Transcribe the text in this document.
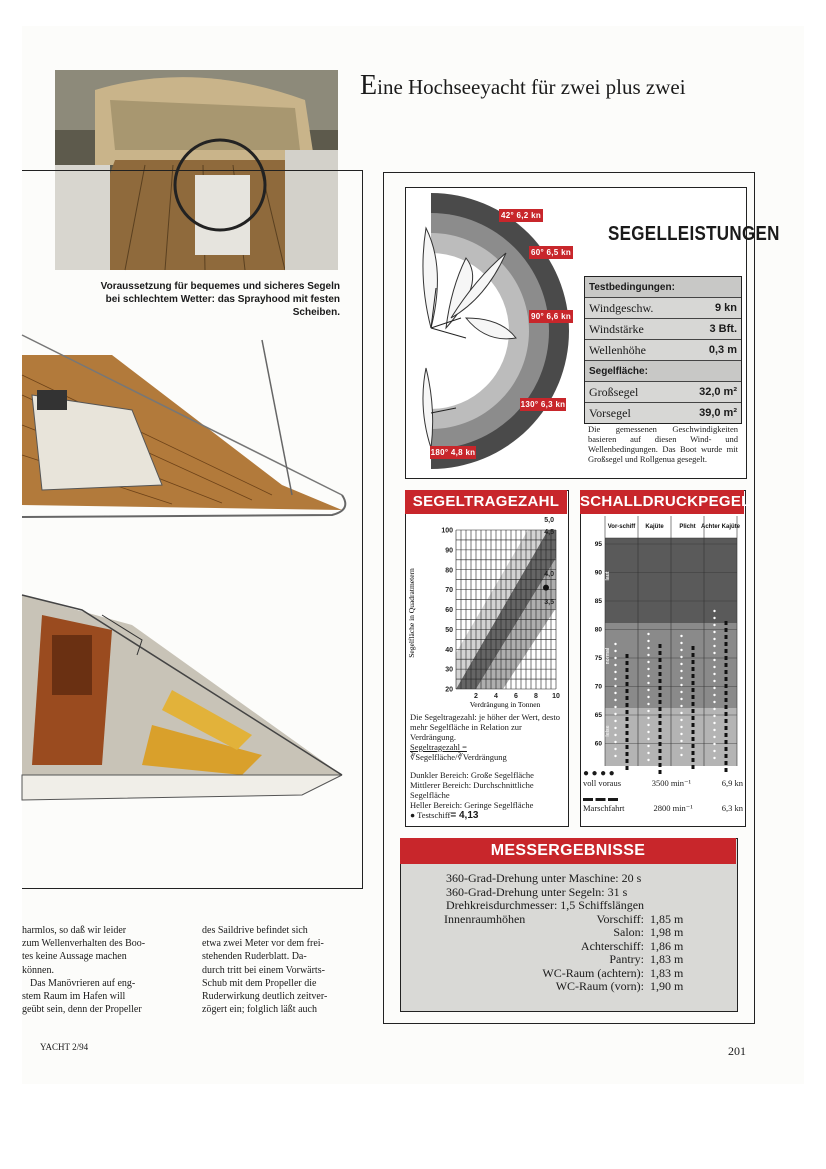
Eine Hochseeyacht für zwei plus zwei
Voraussetzung für bequemes und sicheres Segeln bei schlechtem Wetter: das Sprayhood mit festen Scheiben.
42° 6,2 kn
60° 6,5 kn
90° 6,6 kn
130° 6,3 kn
180° 4,8 kn
SEGELLEISTUNGEN
Testbedingungen:
Windgeschw.	9 kn
Windstärke	3 Bft.
Wellenhöhe	0,3 m
Segelfläche:
Großsegel	32,0 m²
Vorsegel	39,0 m²
Die gemessenen Geschwindigkeiten basieren auf diesen Wind- und Wellenbedingungen. Das Boot wurde mit Großsegel und Rollgenua gesegelt.
SEGELTRAGEZAHL
100
90
80
70
60
50
40
30
20
2 4 6 8 10
5,0
4,5
4,0
3,5
Segelfläche in Quadratmetern
Verdrängung in Tonnen
Die Segeltragezahl: je höher der Wert, desto mehr Segelfläche in Relation zur Verdrängung.
Segeltragezahl =
∛Segelfläche/∛Verdrängung
Dunkler Bereich: Große Segelfläche
Mittlerer Bereich: Durchschnittliche Segelfläche
Heller Bereich: Geringe Segelfläche
● Testschiff= 4,13
SCHALLDRUCKPEGEL
95
90
85
80
75
70
65
60
Vor-schiff Kajüte	Plicht Achter Kajüte
laut
normal
leise
● ● ● ●
voll voraus	3500 min⁻¹	6,9 kn
▬ ▬ ▬
Marschfahrt	2800 min⁻¹	6,3 kn
MESSERGEBNISSE
360-Grad-Drehung unter Maschine: 20 s
360-Grad-Drehung unter Segeln: 31 s
Drehkreisdurchmesser: 1,5 Schiffslängen
Innenraumhöhen	Vorschiff: 1,85 m
Salon: 1,98 m
Achterschiff: 1,86 m
Pantry: 1,83 m
WC-Raum (achtern): 1,83 m
WC-Raum (vorn): 1,90 m
harmlos, so daß wir leider
zum Wellenverhalten des Boo-
tes keine Aussage machen
können.
Das Manövrieren auf eng-
stem Raum im Hafen will
geübt sein, denn der Propeller
des Saildrive befindet sich
etwa zwei Meter vor dem frei-
stehenden Ruderblatt. Da-
durch tritt bei einem Vorwärts-
Schub mit dem Propeller die
Ruderwirkung deutlich zeitver-
zögert ein; folglich läßt auch
YACHT 2/94	201
